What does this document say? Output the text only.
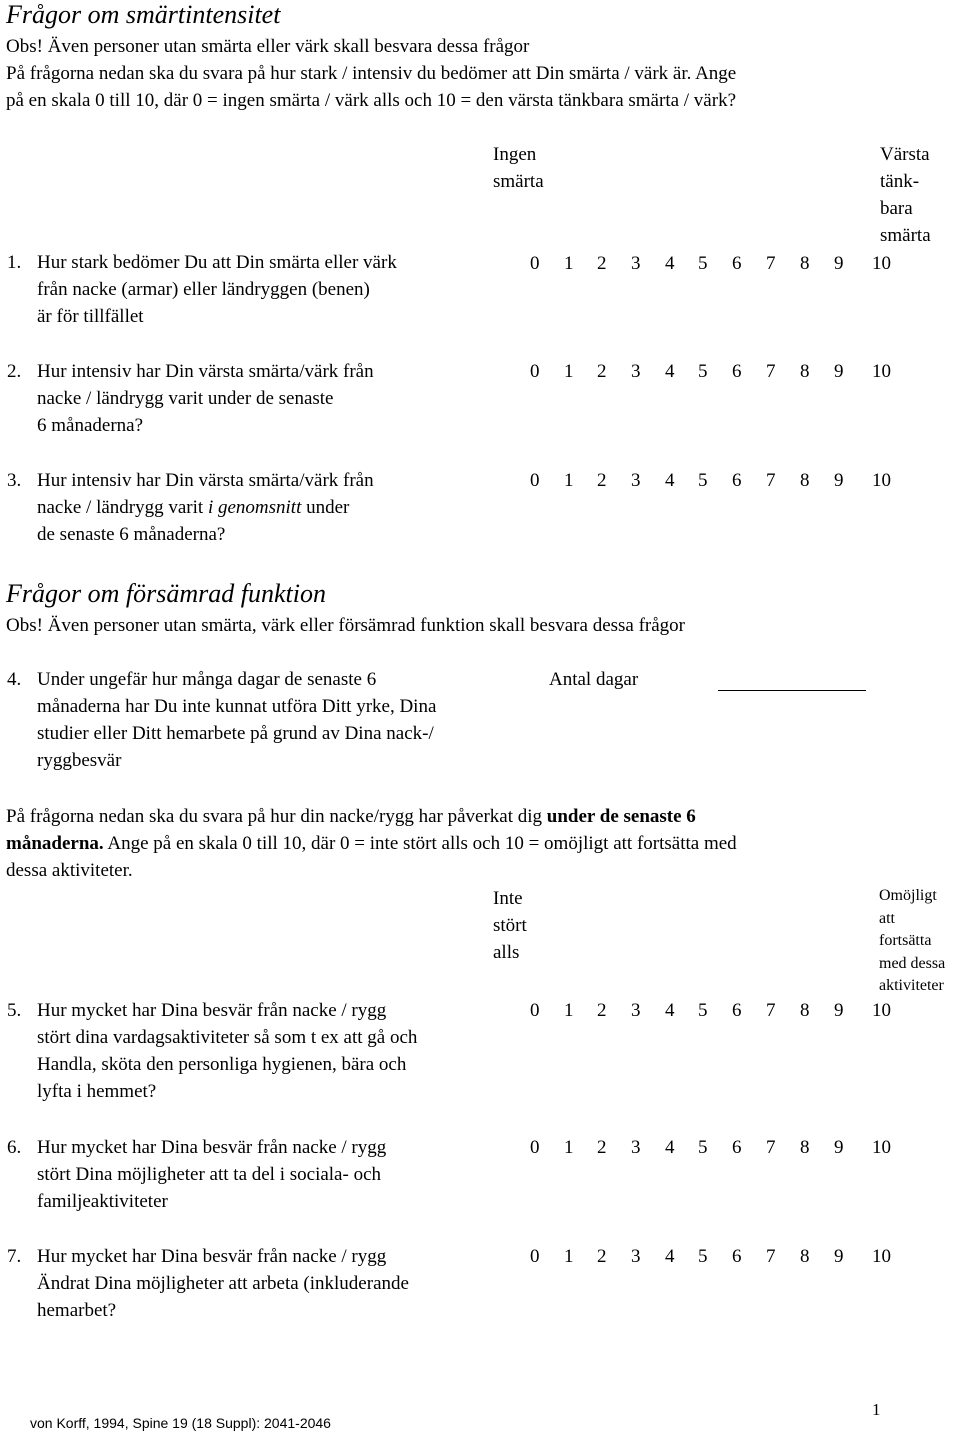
Frågor om smärtintensitet
Obs! Även personer utan smärta eller värk skall besvara dessa frågor
På frågorna nedan ska du svara på hur stark / intensiv du bedömer att Din smärta / värk är. Ange
på en skala 0 till 10, där 0 = ingen smärta / värk alls och 10 = den värsta tänkbara smärta / värk?
Ingen
smärta
Värsta
tänk-
bara
smärta
1. Hur stark bedömer Du att Din smärta eller värk
från nacke (armar) eller ländryggen (benen)
är för tillfället
0 1 2 3 4 5 6 7 8 9 10
2. Hur intensiv har Din värsta smärta/värk från
nacke / ländrygg varit under de senaste
6 månaderna?
0 1 2 3 4 5 6 7 8 9 10
3. Hur intensiv har Din värsta smärta/värk från
nacke / ländrygg varit i genomsnitt under
de senaste 6 månaderna?
0 1 2 3 4 5 6 7 8 9 10
Frågor om försämrad funktion
Obs! Även personer utan smärta, värk eller försämrad funktion skall besvara dessa frågor
4. Under ungefär hur många dagar de senaste 6
månaderna har Du inte kunnat utföra Ditt yrke, Dina
studier eller Ditt hemarbete på grund av Dina nack-/
ryggbesvär
Antal dagar
På frågorna nedan ska du svara på hur din nacke/rygg har påverkat dig under de senaste 6
månaderna. Ange på en skala 0 till 10, där 0 = inte stört alls och 10 = omöjligt att fortsätta med
dessa aktiviteter.
Inte
stört
alls
Omöjligt
att
fortsätta
med dessa
aktiviteter
5. Hur mycket har Dina besvär från nacke / rygg
stört dina vardagsaktiviteter så som t ex att gå och
Handla, sköta den personliga hygienen, bära och
lyfta i hemmet?
0 1 2 3 4 5 6 7 8 9 10
6. Hur mycket har Dina besvär från nacke / rygg
stört Dina möjligheter att ta del i sociala- och
familjeaktiviteter
0 1 2 3 4 5 6 7 8 9 10
7. Hur mycket har Dina besvär från nacke / rygg
Ändrat Dina möjligheter att arbeta (inkluderande
hemarbet?
0 1 2 3 4 5 6 7 8 9 10
von Korff, 1994, Spine 19 (18 Suppl): 2041-2046
1
